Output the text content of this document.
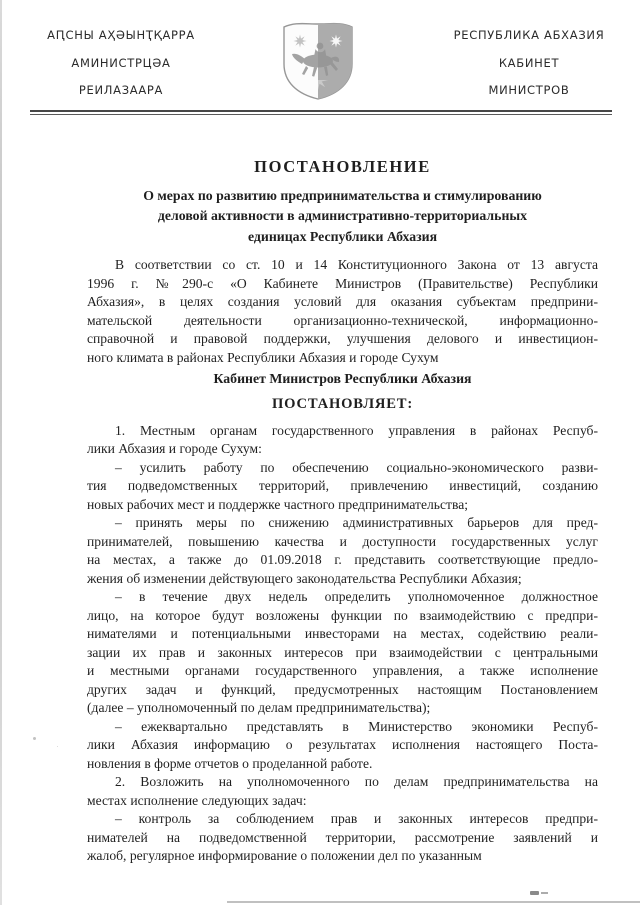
АԤСНЫ АҲӘЫНҬҚАРРА
АМИНИСТРЦӘА
РЕИЛАЗААРА
РЕСПУБЛИКА АБХАЗИЯ
КАБИНЕТ
МИНИСТРОВ
ПОСТАНОВЛЕНИЕ
О мерах по развитию предпринимательства и стимулированию
деловой активности в административно-территориальных
единицах Республики Абхазия
В соответствии со ст. 10 и 14 Конституционного Закона от 13 августа
1996 г. №290-с «О Кабинете Министров (Правительстве) Республики
Абхазия», в целях создания условий для оказания субъектам предприни-
мательской деятельности организационно-технической, информационно-
справочной и правовой поддержки, улучшения делового и инвестицион-
ного климата в районах Республики Абхазия и городе Сухум
Кабинет Министров Республики Абхазия
ПОСТАНОВЛЯЕТ:
1. Местным органам государственного управления в районах Респуб-
лики Абхазия и городе Сухум:
– усилить работу по обеспечению социально-экономического разви-
тия подведомственных территорий, привлечению инвестиций, созданию
новых рабочих мест и поддержке частного предпринимательства;
– принять меры по снижению административных барьеров для пред-
принимателей, повышению качества и доступности государственных услуг
на местах, а также до 01.09.2018 г. представить соответствующие предло-
жения об изменении действующего законодательства Республики Абхазия;
– в течение двух недель определить уполномоченное должностное
лицо, на которое будут возложены функции по взаимодействию с предпри-
нимателями и потенциальными инвесторами на местах, содействию реали-
зации их прав и законных интересов при взаимодействии с центральными
и местными органами государственного управления, а также исполнение
других задач и функций, предусмотренных настоящим Постановлением
(далее – уполномоченный по делам предпринимательства);
– ежеквартально представлять в Министерство экономики Респуб-
лики Абхазия информацию о результатах исполнения настоящего Поста-
новления в форме отчетов о проделанной работе.
2. Возложить на уполномоченного по делам предпринимательства на
местах исполнение следующих задач:
– контроль за соблюдением прав и законных интересов предпри-
нимателей на подведомственной территории, рассмотрение заявлений и
жалоб, регулярное информирование о положении дел по указанным
